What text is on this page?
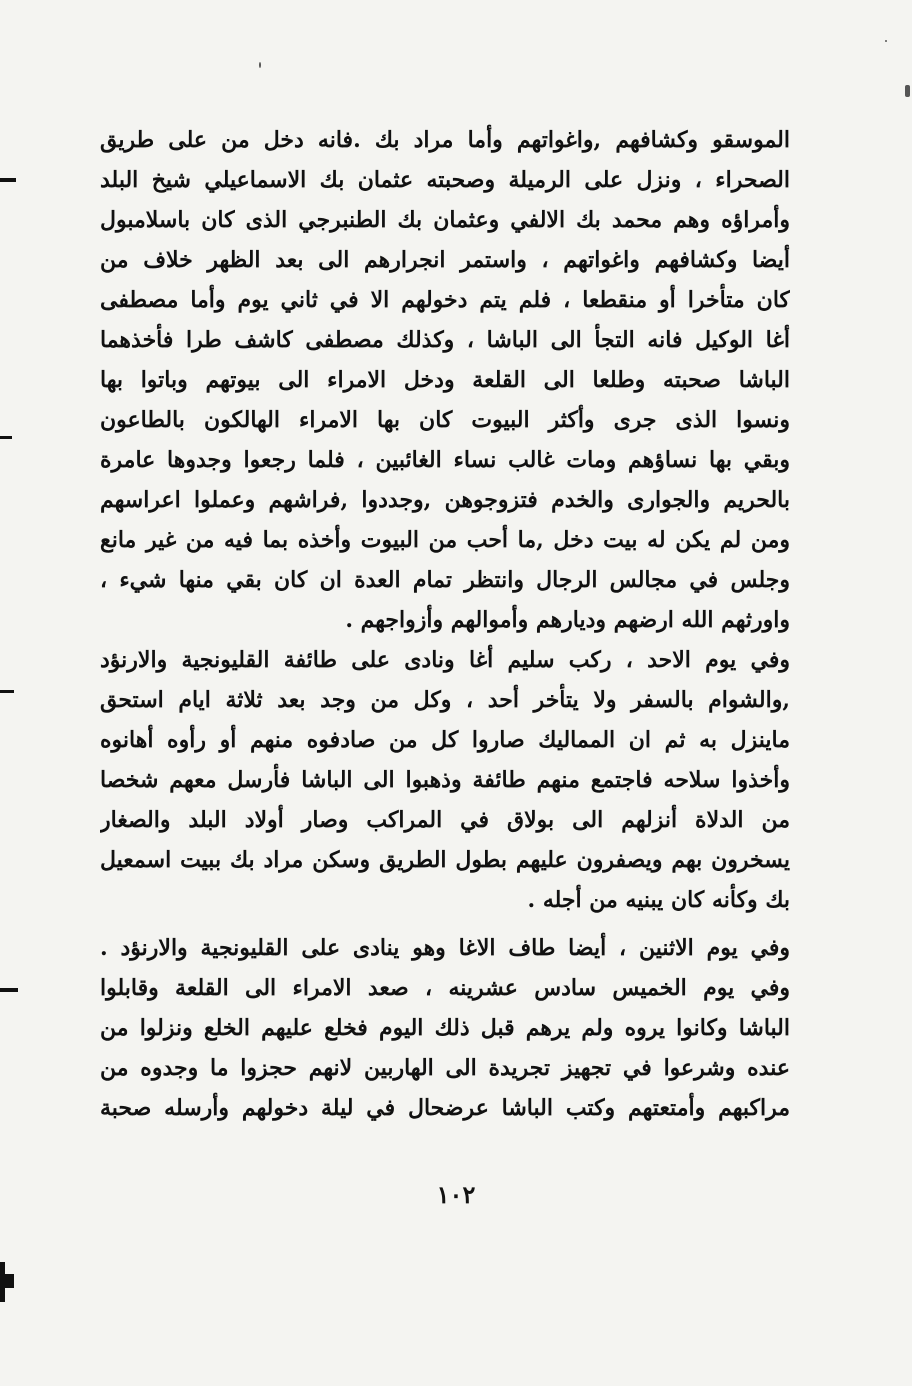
الموسقو وكشافهم ,واغواتهم وأما مراد بك .فانه دخل من على طريق
الصحراء ، ونزل على الرميلة وصحبته عثمان بك الاسماعيلي شيخ البلد
وأمراؤه وهم محمد بك الالفي وعثمان بك الطنبرجي الذى كان باسلامبول
أيضا وكشافهم واغواتهم ، واستمر انجرارهم الى بعد الظهر خلاف من
كان متأخرا أو منقطعا ، فلم يتم دخولهم الا في ثاني يوم وأما مصطفى
أغا الوكيل فانه التجأ الى الباشا ، وكذلك مصطفى كاشف طرا فأخذهما
الباشا صحبته وطلعا الى القلعة ودخل الامراء الى بيوتهم وباتوا بها
ونسوا الذى جرى وأكثر البيوت كان بها الامراء الهالكون بالطاعون
وبقي بها نساؤهم ومات غالب نساء الغائبين ، فلما رجعوا وجدوها عامرة
بالحريم والجوارى والخدم فتزوجوهن ,وجددوا ,فراشهم وعملوا اعراسهم
ومن لم يكن له بيت دخل ,ما أحب من البيوت وأخذه بما فيه من غير مانع
وجلس في مجالس الرجال وانتظر تمام العدة ان كان بقي منها شيء ،
واورثهم الله ارضهم وديارهم وأموالهم وأزواجهم .
وفي يوم الاحد ، ركب سليم أغا ونادى على طائفة القليونجية والارنؤد
,والشوام بالسفر ولا يتأخر أحد ، وكل من وجد بعد ثلاثة ايام استحق
ماينزل به ثم ان المماليك صاروا كل من صادفوه منهم أو رأوه أهانوه
وأخذوا سلاحه فاجتمع منهم طائفة وذهبوا الى الباشا فأرسل معهم شخصا
من الدلاة أنزلهم الى بولاق في المراكب وصار أولاد البلد والصغار
يسخرون بهم ويصفرون عليهم بطول الطريق وسكن مراد بك ببيت اسمعيل
بك وكأنه كان يبنيه من أجله .
وفي يوم الاثنين ، أيضا طاف الاغا وهو ينادى على القليونجية والارنؤد .
وفي يوم الخميس سادس عشرينه ، صعد الامراء الى القلعة وقابلوا
الباشا وكانوا يروه ولم يرهم قبل ذلك اليوم فخلع عليهم الخلع ونزلوا من
عنده وشرعوا في تجهيز تجريدة الى الهاربين لانهم حجزوا ما وجدوه من
مراكبهم وأمتعتهم وكتب الباشا عرضحال في ليلة دخولهم وأرسله صحبة
١٠٢
